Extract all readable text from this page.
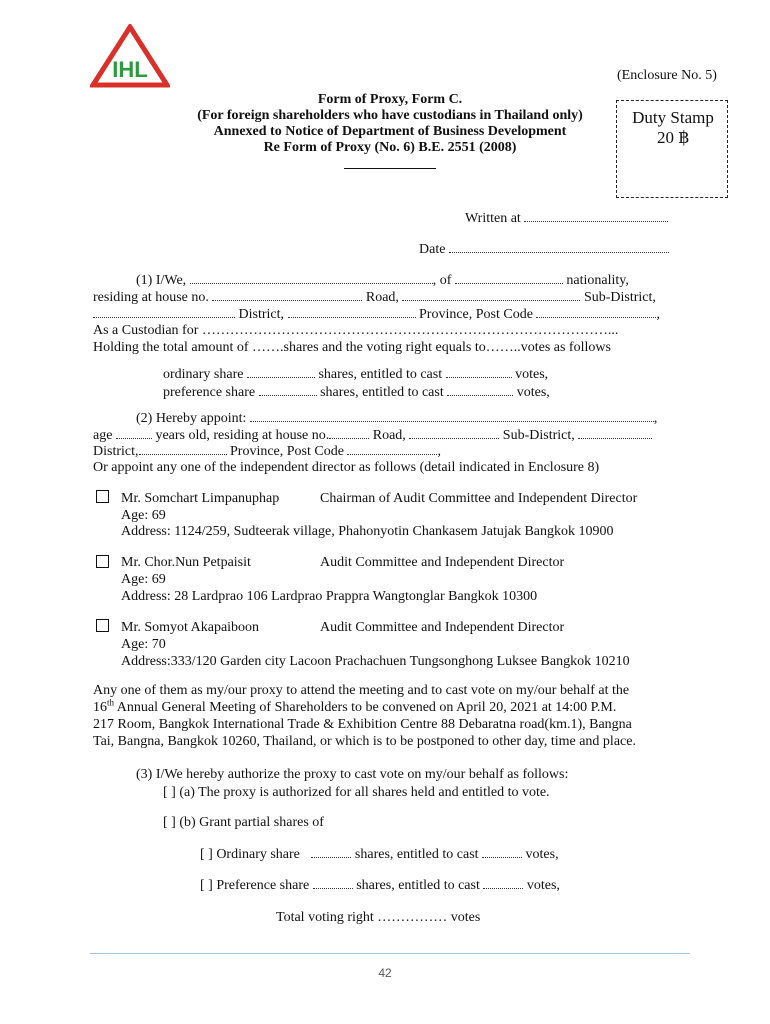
IHL	(Enclosure No. 5)
Form of Proxy, Form C.
(For foreign shareholders who have custodians in Thailand only)
Annexed to Notice of Department of Business Development
Re Form of Proxy (No. 6) B.E. 2551 (2008)
Duty Stamp
20 ฿
Written at
Date
(1) I/We,	, of	nationality,
residing at house no.	Road,	Sub-District,
District,	Province, Post Code	,
As a Custodian for ……………………………………………………………………………...
Holding the total amount of …….shares and the voting right equals to……..votes as follows
ordinary share	shares, entitled to cast	votes,
preference share	shares, entitled to cast	votes,
(2) Hereby appoint:	,
age	years old, residing at house no.	Road,	Sub-District,
District,	Province, Post Code	,
Or appoint any one of the independent director as follows (detail indicated in Enclosure 8)
Mr. Somchart Limpanuphap	Chairman of Audit Committee and Independent Director
Age: 69
Address: 1124/259, Sudteerak village, Phahonyotin Chankasem Jatujak Bangkok 10900
Mr. Chor.Nun Petpaisit	Audit Committee and Independent Director
Age: 69
Address: 28 Lardprao 106 Lardprao Prappra Wangtonglar Bangkok 10300
Mr. Somyot Akapaiboon	Audit Committee and Independent Director
Age: 70
Address:333/120 Garden city Lacoon Prachachuen Tungsonghong Luksee Bangkok 10210
Any one of them as my/our proxy to attend the meeting and to cast vote on my/our behalf at the
16th Annual General Meeting of Shareholders to be convened on April 20, 2021 at 14:00 P.M.
217 Room, Bangkok International Trade & Exhibition Centre 88 Debaratna road(km.1), Bangna
Tai, Bangna, Bangkok 10260, Thailand, or which is to be postponed to other day, time and place.
(3) I/We hereby authorize the proxy to cast vote on my/our behalf as follows:
[ ] (a) The proxy is authorized for all shares held and entitled to vote.
[ ] (b) Grant partial shares of
[ ] Ordinary share	shares, entitled to cast	votes,
[ ] Preference share	shares, entitled to cast	votes,
Total voting right …………… votes
42
